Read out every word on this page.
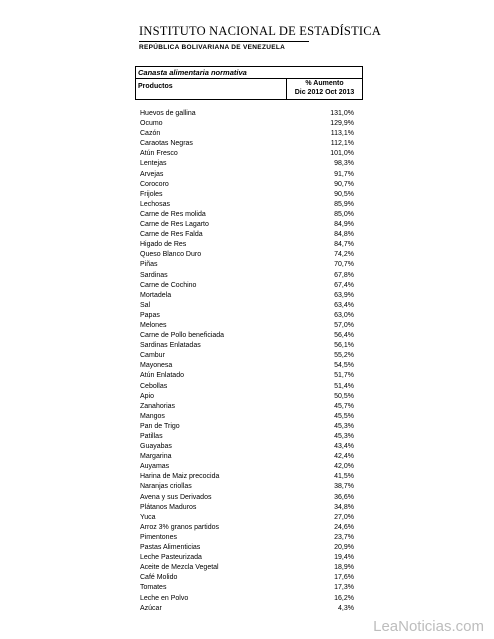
INSTITUTO NACIONAL DE ESTADÍSTICA
REPÚBLICA BOLIVARIANA DE VENEZUELA
Canasta alimentaria normativa
Productos	% Aumento
Dic 2012 Oct 2013
Huevos de gallina	131,0%
Ocumo	129,9%
Cazón	113,1%
Caraotas Negras	112,1%
Atún Fresco	101,0%
Lentejas	98,3%
Arvejas	91,7%
Corocoro	90,7%
Frijoles	90,5%
Lechosas	85,9%
Carne de Res molida	85,0%
Carne de Res Lagarto	84,9%
Carne de Res Falda	84,8%
Higado de Res	84,7%
Queso Blanco Duro	74,2%
Piñas	70,7%
Sardinas	67,8%
Carne de Cochino	67,4%
Mortadela	63,9%
Sal	63,4%
Papas	63,0%
Melones	57,0%
Carne de Pollo beneficiada	56,4%
Sardinas Enlatadas	56,1%
Cambur	55,2%
Mayonesa	54,5%
Atún Enlatado	51,7%
Cebollas	51,4%
Apio	50,5%
Zanahorias	45,7%
Mangos	45,5%
Pan de Trigo	45,3%
Patillas	45,3%
Guayabas	43,4%
Margarina	42,4%
Auyamas	42,0%
Harina de Maiz precocida	41,5%
Naranjas criollas	38,7%
Avena y sus Derivados	36,6%
Plátanos Maduros	34,8%
Yuca	27,0%
Arroz 3% granos partidos	24,6%
Pimentones	23,7%
Pastas Alimenticias	20,9%
Leche Pasteurizada	19,4%
Aceite de Mezcla Vegetal	18,9%
Café Molido	17,6%
Tomates	17,3%
Leche en Polvo	16,2%
Azúcar	4,3%
LeaNoticias.com
